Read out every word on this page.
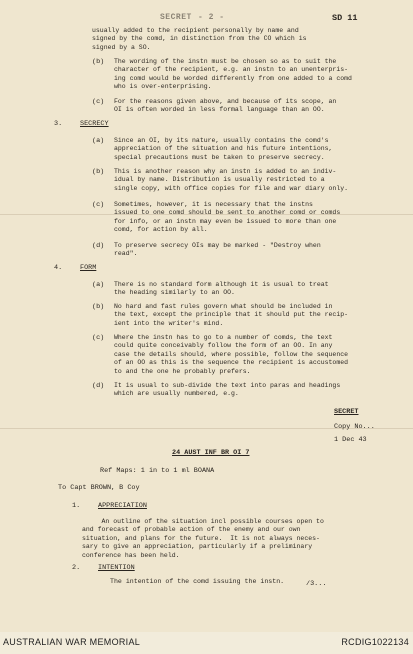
SECRET - 2 -	SD 11
usually added to the recipient personally by name and
signed by the comd, in distinction from the CO which is
signed by a SO.
(b) The wording of the instn must be chosen so as to suit the
character of the recipient, e.g. an instn to an unenterpris-
ing comd would be worded differently from one added to a comd
who is over-enterprising.
(c) For the reasons given above, and because of its scope, an
OI is often worded in less formal language than an OO.
3.	SECRECY
(a) Since an OI, by its nature, usually contains the comd's
appreciation of the situation and his future intentions,
special precautions must be taken to preserve secrecy.
(b) This is another reason why an instn is added to an indiv-
idual by name. Distribution is usually restricted to a
single copy, with office copies for file and war diary only.
(c) Sometimes, however, it is necessary that the instns
issued to one comd should be sent to another comd or comds
for info, or an instn may even be issued to more than one
comd, for action by all.
(d) To preserve secrecy OIs may be marked - "Destroy when
read".
4.	FORM
(a) There is no standard form although it is usual to treat
the heading similarly to an OO.
(b) No hard and fast rules govern what should be included in
the text, except the principle that it should put the recip-
ient into the writer's mind.
(c) Where the instn has to go to a number of comds, the text
could quite conceivably follow the form of an OO. In any
case the details should, where possible, follow the sequence
of an OO as this is the sequence the recipient is accustomed
to and the one he probably prefers.
(d) It is usual to sub-divide the text into paras and headings
which are usually numbered, e.g.
SECRET
Copy No...
1 Dec 43
24 AUST INF BR OI 7
Ref Maps: 1 in to 1 ml BOANA
To Capt BROWN, B Coy
1.	APPRECIATION
An outline of the situation incl possible courses open to
and forecast of probable action of the enemy and our own
situation, and plans for the future.  It is not always neces-
sary to give an appreciation, particularly if a preliminary
conference has been held.
2.	INTENTION
The intention of the comd issuing the instn.	/3...
AUSTRALIAN WAR MEMORIAL	RCDIG1022134
